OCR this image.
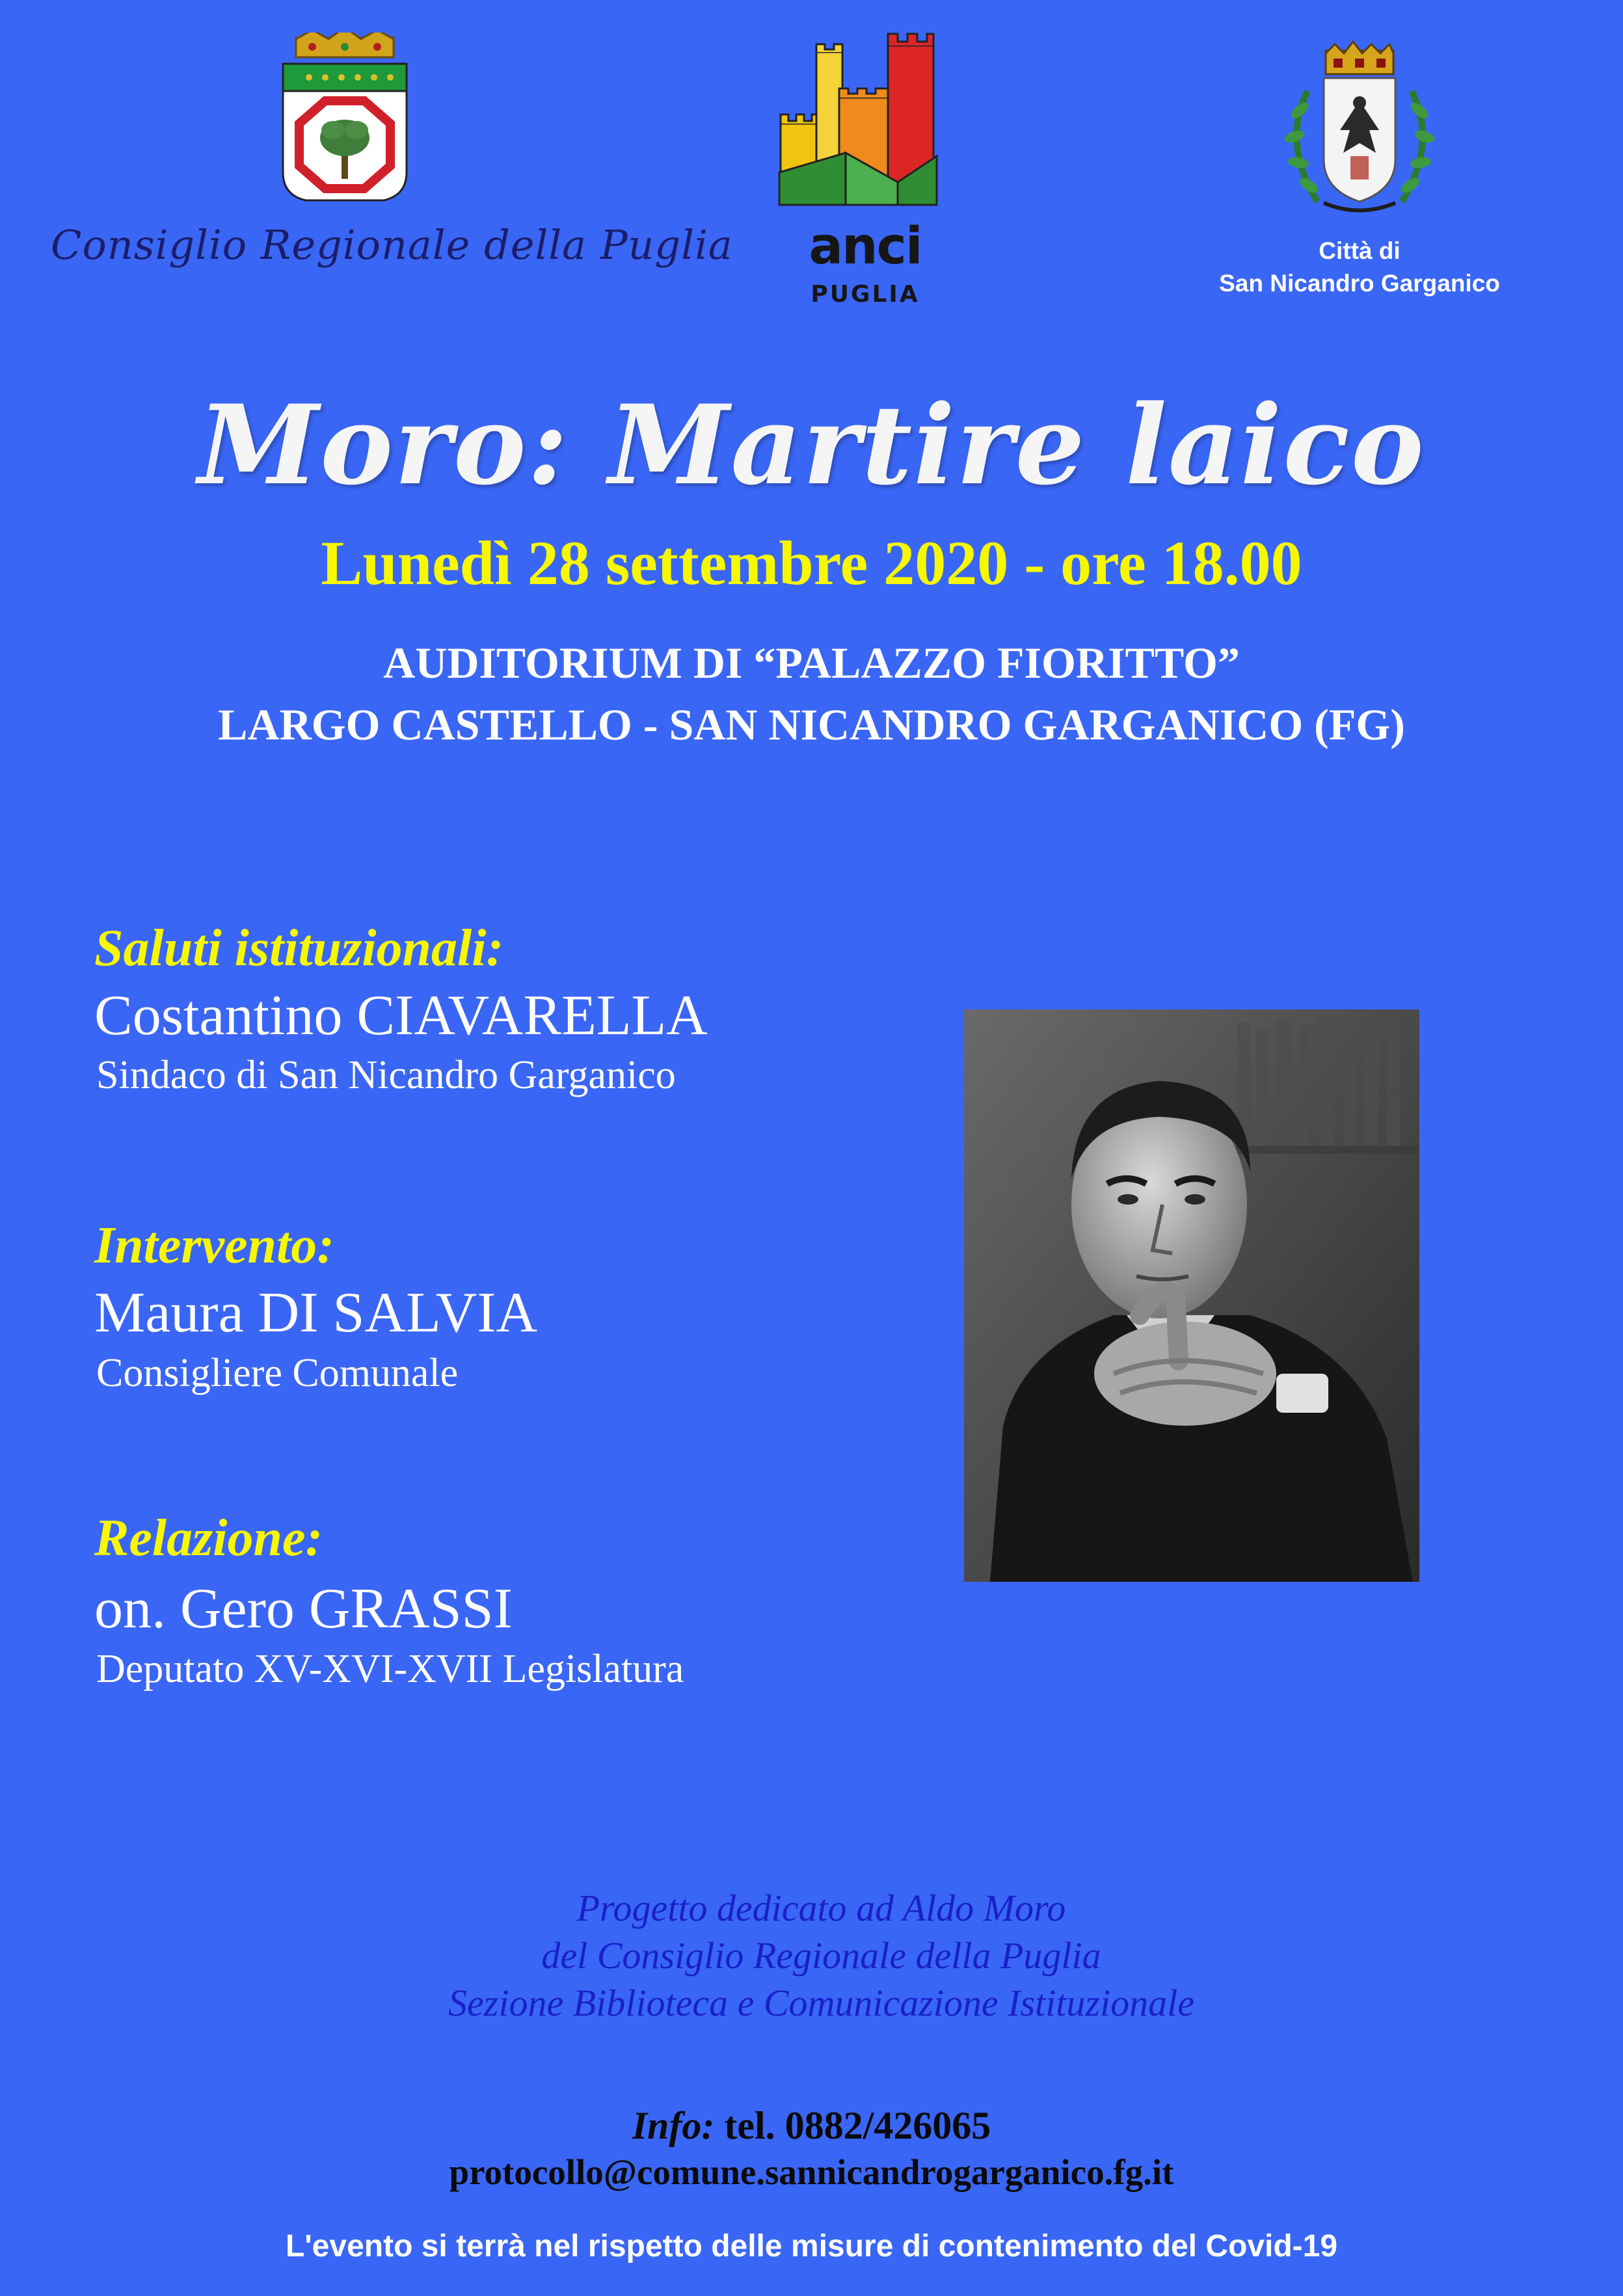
Consiglio Regionale della Puglia	anci
PUGLIA
Città di
San Nicandro Garganico
Moro: Martire laico
Lunedì 28 settembre 2020 - ore 18.00
AUDITORIUM DI “PALAZZO FIORITTO”
LARGO CASTELLO - SAN NICANDRO GARGANICO (FG)
Saluti istituzionali:
Costantino CIAVARELLA
Sindaco di San Nicandro Garganico
Intervento:
Maura DI SALVIA
Consigliere Comunale
Relazione:
on. Gero GRASSI
Deputato XV-XVI-XVII Legislatura
Progetto dedicato ad Aldo Moro
del Consiglio Regionale della Puglia
Sezione Biblioteca e Comunicazione Istituzionale
Info: tel. 0882/426065
protocollo@comune.sannicandrogarganico.fg.it
L'evento si terrà nel rispetto delle misure di contenimento del Covid-19
